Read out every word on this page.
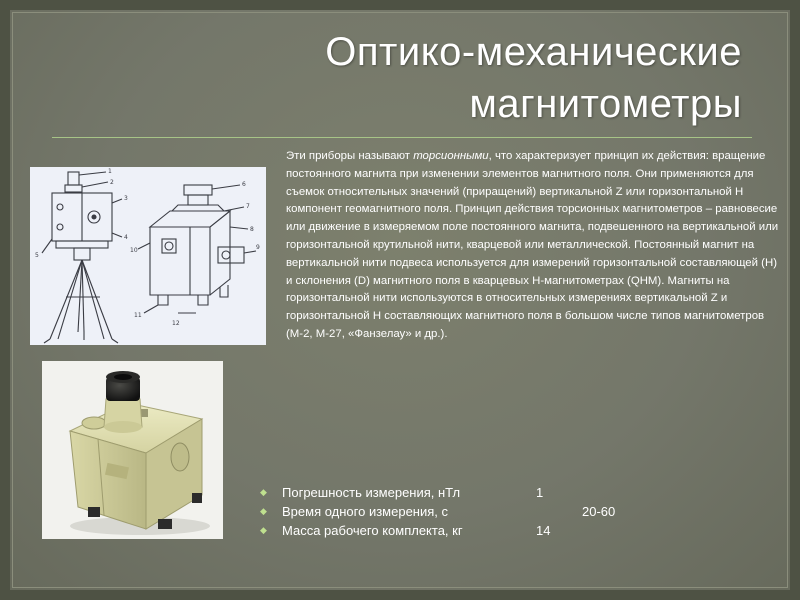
Оптико-механические
магнитометры
1
2
3
4
5
6
7
8
9
10
11
12

Эти приборы называют торсионными, что характеризует принцип их действия: вращение постоянного магнита при изменении элементов магнитного поля. Они применяются для съемок относительных значений (приращений) вертикальной Z или горизонтальной H компонент геомагнитного поля. Принцип действия торсионных магнитометров – равновесие или движение в измеряемом поле постоянного магнита, подвешенного на вертикальной или горизонтальной крутильной нити, кварцевой или металлической. Постоянный магнит на вертикальной нити подвеса используется для измерений горизонтальной составляющей (H) и склонения (D) магнитного поля в кварцевых H-магнитометрах (QHM). Магниты на горизонтальной нити используются в относительных измерениях вертикальной Z и горизонтальной H составляющих магнитного поля в большом числе типов магнитометров (М-2, М-27, «Фанзелау» и др.).

◆ Погрешность измерения, нТл	1
◆ Время одного измерения, с	20-60
◆ Масса рабочего комплекта, кг	14
